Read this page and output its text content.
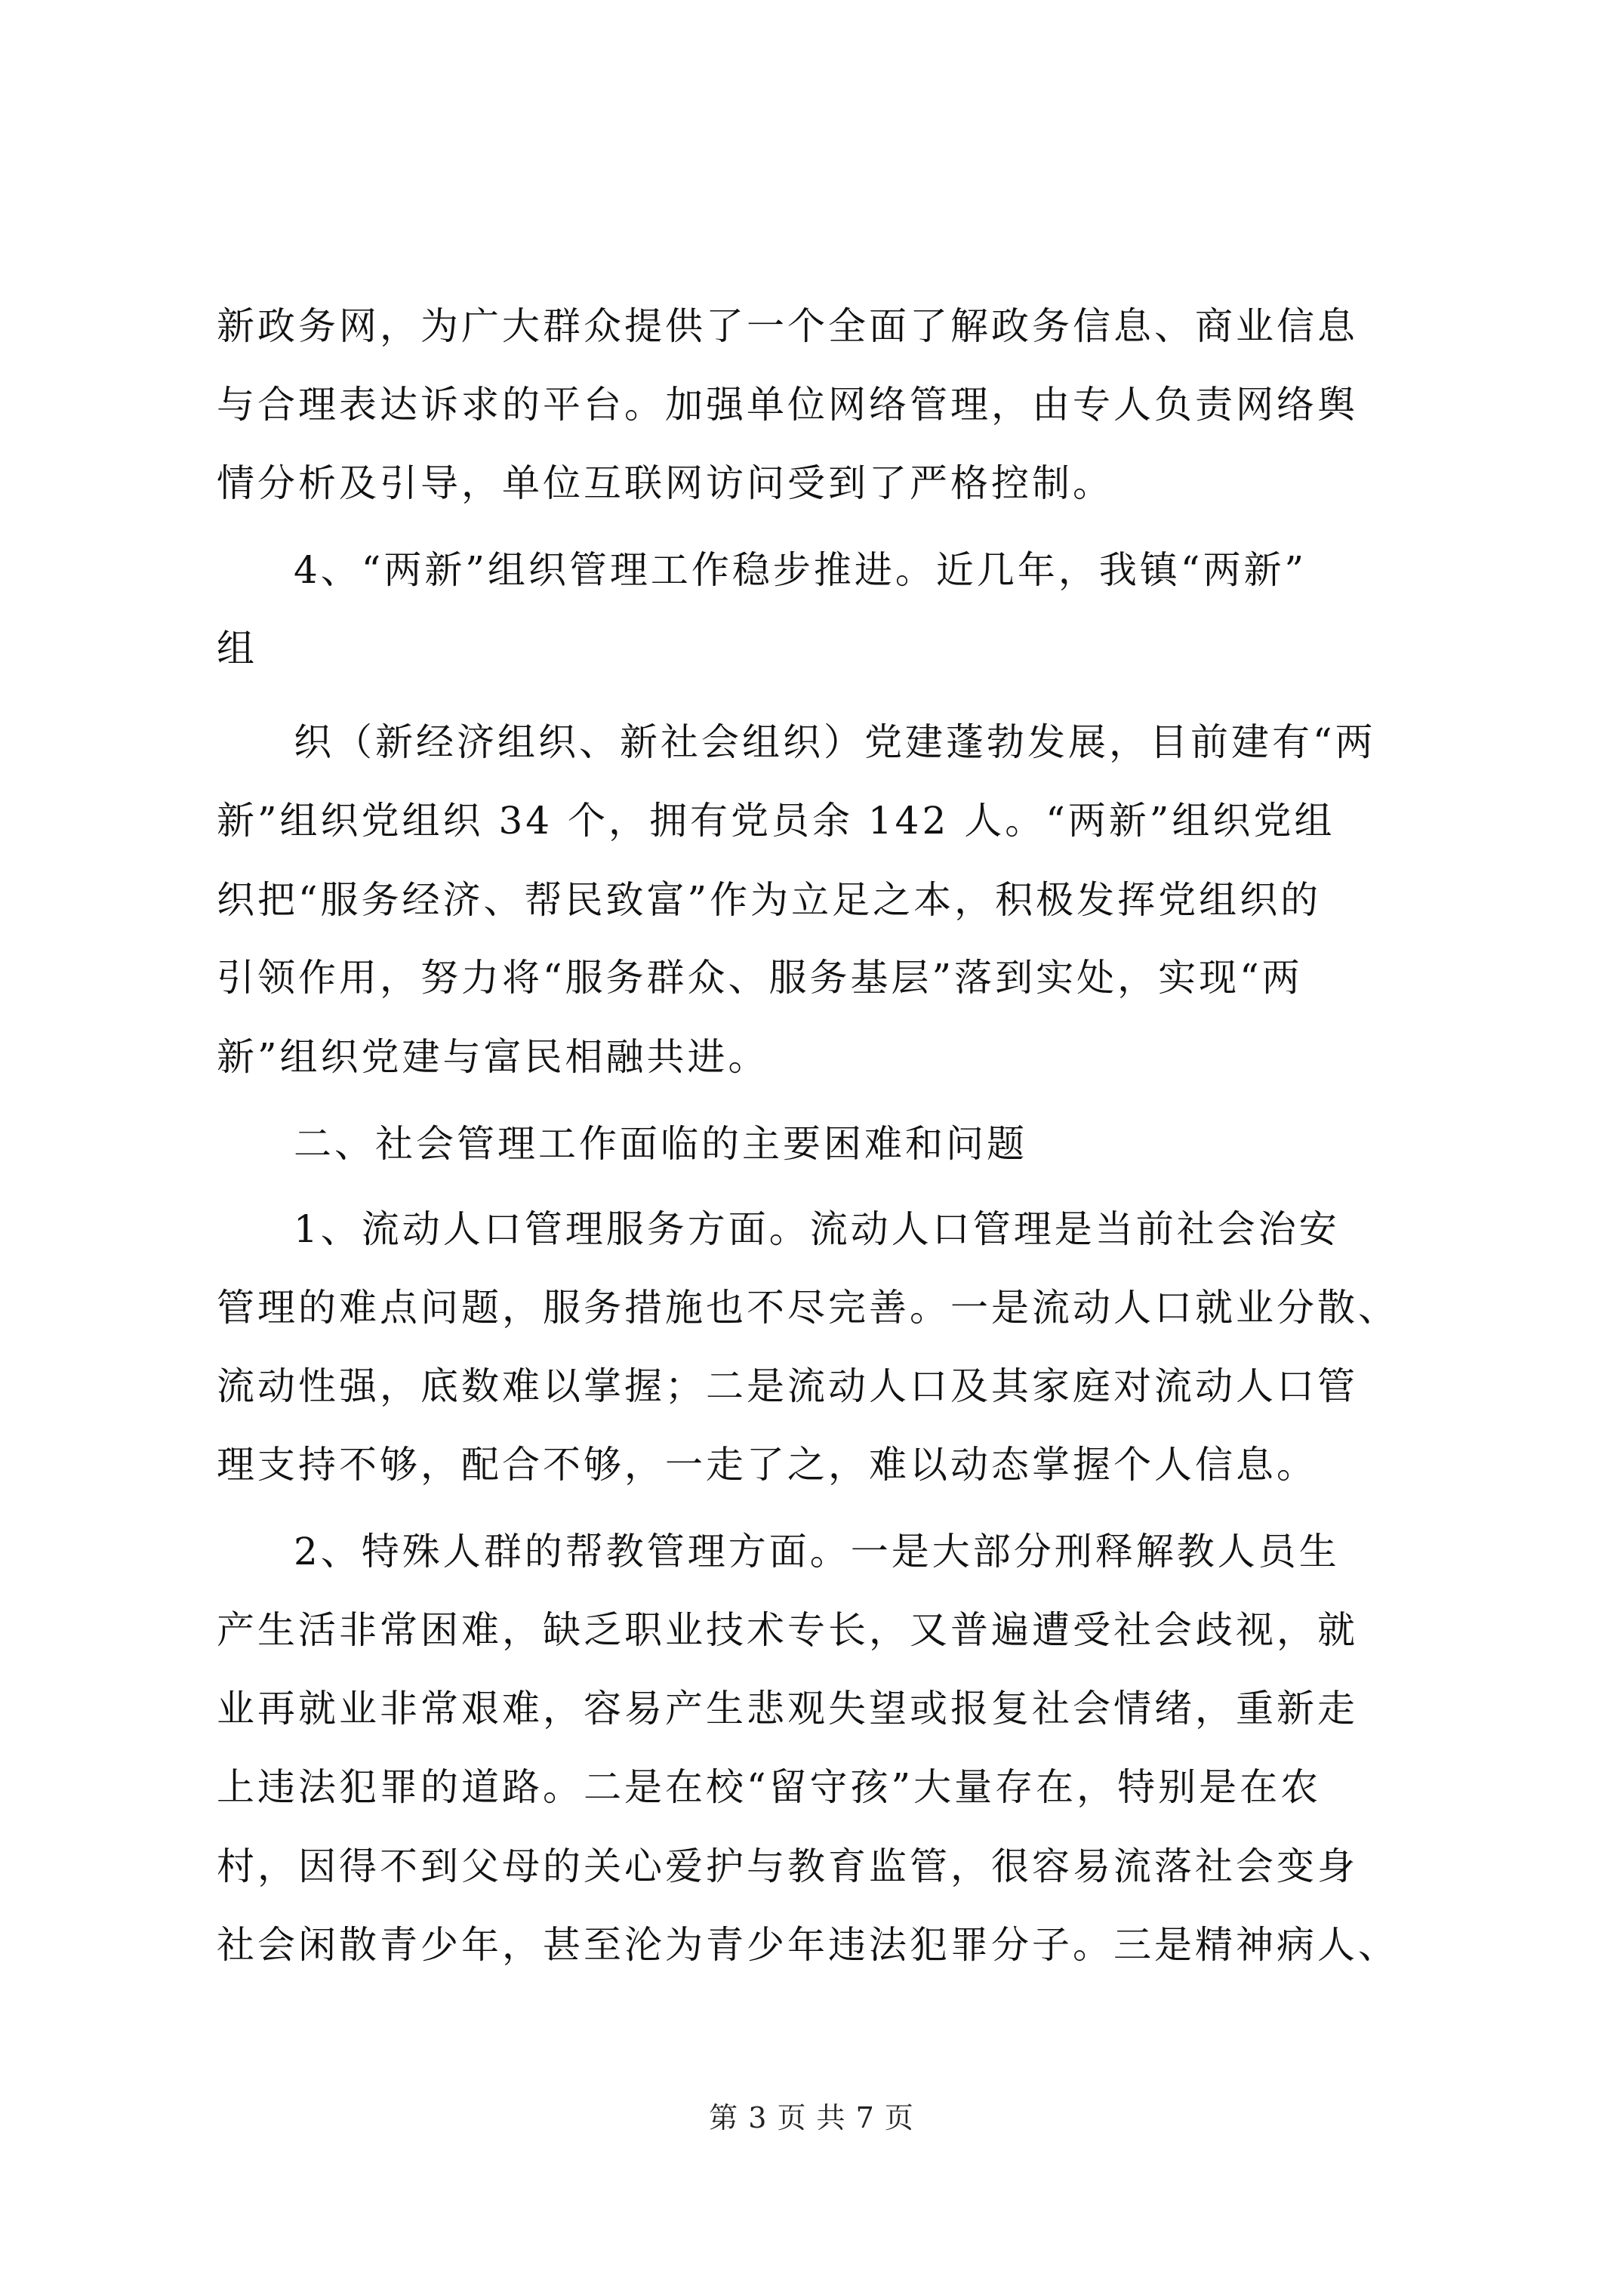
新政务网，为广大群众提供了一个全面了解政务信息、商业信息
与合理表达诉求的平台。加强单位网络管理，由专人负责网络舆
情分析及引导，单位互联网访问受到了严格控制。
4、“两新”组织管理工作稳步推进。近几年，我镇“两新”
组
织（新经济组织、新社会组织）党建蓬勃发展，目前建有“两
新”组织党组织 34 个，拥有党员余 142 人。“两新”组织党组
织把“服务经济、帮民致富”作为立足之本，积极发挥党组织的
引领作用，努力将“服务群众、服务基层”落到实处，实现“两
新”组织党建与富民相融共进。
二、社会管理工作面临的主要困难和问题
1、流动人口管理服务方面。流动人口管理是当前社会治安
管理的难点问题，服务措施也不尽完善。一是流动人口就业分散、
流动性强，底数难以掌握；二是流动人口及其家庭对流动人口管
理支持不够，配合不够，一走了之，难以动态掌握个人信息。
2、特殊人群的帮教管理方面。一是大部分刑释解教人员生
产生活非常困难，缺乏职业技术专长，又普遍遭受社会歧视，就
业再就业非常艰难，容易产生悲观失望或报复社会情绪，重新走
上违法犯罪的道路。二是在校“留守孩”大量存在，特别是在农
村，因得不到父母的关心爱护与教育监管，很容易流落社会变身
社会闲散青少年，甚至沦为青少年违法犯罪分子。三是精神病人、
第 3 页 共 7 页
